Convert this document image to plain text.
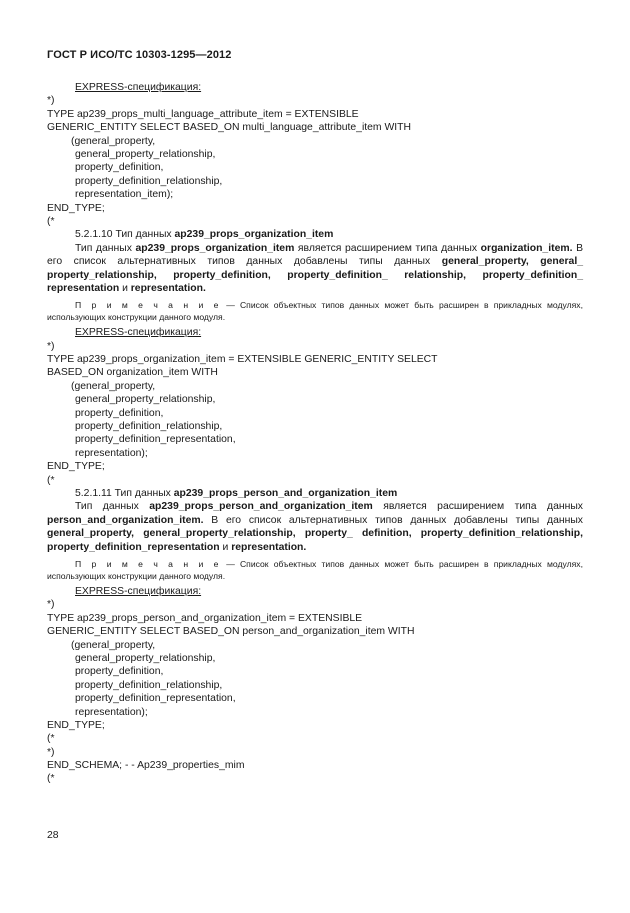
ГОСТ Р ИСО/ТС 10303-1295—2012
EXPRESS-спецификация:
*)
TYPE ap239_props_multi_language_attribute_item = EXTENSIBLE
GENERIC_ENTITY SELECT BASED_ON multi_language_attribute_item WITH
(general_property,
general_property_relationship,
property_definition,
property_definition_relationship,
representation_item);
END_TYPE;
(*
5.2.1.10 Тип данных ap239_props_organization_item
Тип данных ap239_props_organization_item является расширением типа данных organization_item. В его список альтернативных типов данных добавлены типы данных general_property, general_ property_relationship, property_definition, property_definition_ relationship, property_definition_ representation и representation.
П р и м е ч а н и е — Список объектных типов данных может быть расширен в прикладных модулях, использующих конструкции данного модуля.
EXPRESS-спецификация:
*)
TYPE ap239_props_organization_item = EXTENSIBLE GENERIC_ENTITY SELECT
BASED_ON organization_item WITH
(general_property,
general_property_relationship,
property_definition,
property_definition_relationship,
property_definition_representation,
representation);
END_TYPE;
(*
5.2.1.11 Тип данных ap239_props_person_and_organization_item
Тип данных ap239_props_person_and_organization_item является расширением типа данных person_and_organization_item. В его список альтернативных типов данных добавлены типы данных general_property, general_property_relationship, property_ definition, property_definition_relationship, property_definition_representation и representation.
П р и м е ч а н и е — Список объектных типов данных может быть расширен в прикладных модулях, использующих конструкции данного модуля.
EXPRESS-спецификация:
*)
TYPE ap239_props_person_and_organization_item = EXTENSIBLE
GENERIC_ENTITY SELECT BASED_ON person_and_organization_item WITH
(general_property,
general_property_relationship,
property_definition,
property_definition_relationship,
property_definition_representation,
representation);
END_TYPE;
(*
*)
END_SCHEMA; - - Ap239_properties_mim
(*
28
